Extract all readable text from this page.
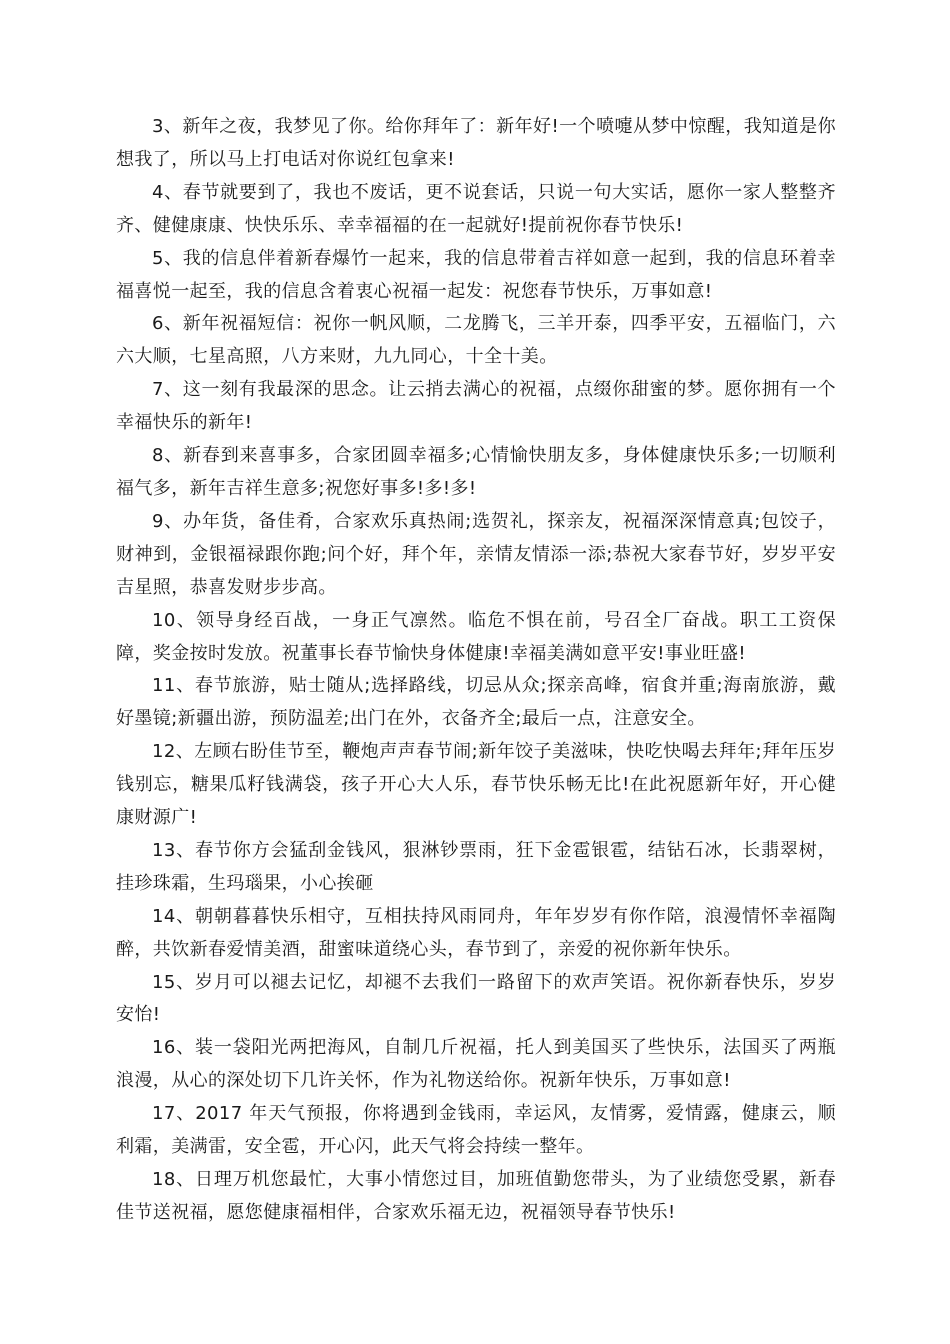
3、新年之夜，我梦见了你。给你拜年了：新年好!一个喷嚏从梦中惊醒，我知道是你想我了，所以马上打电话对你说红包拿来!

4、春节就要到了，我也不废话，更不说套话，只说一句大实话，愿你一家人整整齐齐、健健康康、快快乐乐、幸幸福福的在一起就好!提前祝你春节快乐!

5、我的信息伴着新春爆竹一起来，我的信息带着吉祥如意一起到，我的信息环着幸福喜悦一起至，我的信息含着衷心祝福一起发：祝您春节快乐，万事如意!

6、新年祝福短信：祝你一帆风顺，二龙腾飞，三羊开泰，四季平安，五福临门，六六大顺，七星高照，八方来财，九九同心，十全十美。

7、这一刻有我最深的思念。让云捎去满心的祝福，点缀你甜蜜的梦。愿你拥有一个幸福快乐的新年!

8、新春到来喜事多，合家团圆幸福多;心情愉快朋友多，身体健康快乐多;一切顺利福气多，新年吉祥生意多;祝您好事多!多!多!

9、办年货，备佳肴，合家欢乐真热闹;选贺礼，探亲友，祝福深深情意真;包饺子，财神到，金银福禄跟你跑;问个好，拜个年，亲情友情添一添;恭祝大家春节好，岁岁平安吉星照，恭喜发财步步高。

10、领导身经百战，一身正气凛然。临危不惧在前，号召全厂奋战。职工工资保障，奖金按时发放。祝董事长春节愉快身体健康!幸福美满如意平安!事业旺盛!

11、春节旅游，贴士随从;选择路线，切忌从众;探亲高峰，宿食并重;海南旅游，戴好墨镜;新疆出游，预防温差;出门在外，衣备齐全;最后一点，注意安全。

12、左顾右盼佳节至，鞭炮声声春节闹;新年饺子美滋味，快吃快喝去拜年;拜年压岁钱别忘，糖果瓜籽钱满袋，孩子开心大人乐，春节快乐畅无比!在此祝愿新年好，开心健康财源广!

13、春节你方会猛刮金钱风，狠淋钞票雨，狂下金雹银雹，结钻石冰，长翡翠树，挂珍珠霜，生玛瑙果，小心挨砸

14、朝朝暮暮快乐相守，互相扶持风雨同舟，年年岁岁有你作陪，浪漫情怀幸福陶醉，共饮新春爱情美酒，甜蜜味道绕心头，春节到了，亲爱的祝你新年快乐。

15、岁月可以褪去记忆，却褪不去我们一路留下的欢声笑语。祝你新春快乐，岁岁安怡!

16、装一袋阳光两把海风，自制几斤祝福，托人到美国买了些快乐，法国买了两瓶浪漫，从心的深处切下几许关怀，作为礼物送给你。祝新年快乐，万事如意!

17、2017 年天气预报，你将遇到金钱雨，幸运风，友情雾，爱情露，健康云，顺利霜，美满雷，安全雹，开心闪，此天气将会持续一整年。

18、日理万机您最忙，大事小情您过目，加班值勤您带头，为了业绩您受累，新春佳节送祝福，愿您健康福相伴，合家欢乐福无边，祝福领导春节快乐!
